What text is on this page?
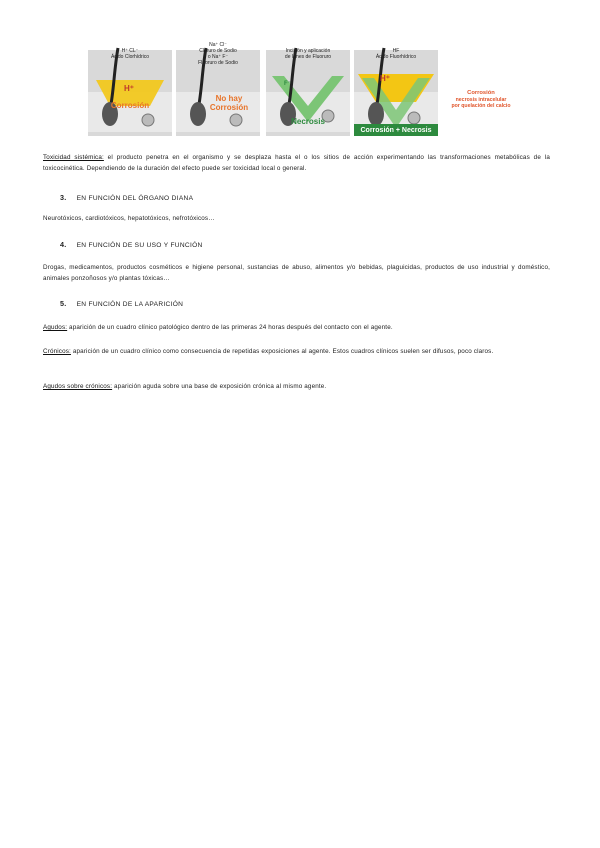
H⁺ CL⁻
Ácido Clorhídrico
H⁺
Corrosión
Na⁺ Cl⁻
Cloruro de Sodio
o Na⁺ F⁻
Fluoruro de Sodio
No hay Corrosión
Incisión y aplicación
de Iones de Fluoruro
F⁻
Necrosis
HF
Ácido Fluorhídrico
H⁺
Corrosión + Necrosis
Corrosión
necrosis intracelular
por quelación del calcio
Toxicidad sistémica: el producto penetra en el organismo y se desplaza hasta el o los sitios de acción experimentando las transformaciones metabólicas de la toxicocinética. Dependiendo de la duración del efecto puede ser toxicidad local o general.
3. EN FUNCIÓN DEL ÓRGANO DIANA
Neurotóxicos, cardiotóxicos, hepatotóxicos, nefrotóxicos…
4. EN FUNCIÓN DE SU USO Y FUNCIÓN
Drogas, medicamentos, productos cosméticos e higiene personal, sustancias de abuso, alimentos y/o bebidas, plaguicidas, productos de uso industrial y doméstico, animales ponzoñosos y/o plantas tóxicas…
5. EN FUNCIÓN DE LA APARICIÓN
Agudos: aparición de un cuadro clínico patológico dentro de las primeras 24 horas después del contacto con el agente.
Crónicos: aparición de un cuadro clínico como consecuencia de repetidas exposiciones al agente. Estos cuadros clínicos suelen ser difusos, poco claros.
Agudos sobre crónicos: aparición aguda sobre una base de exposición crónica al mismo agente.
